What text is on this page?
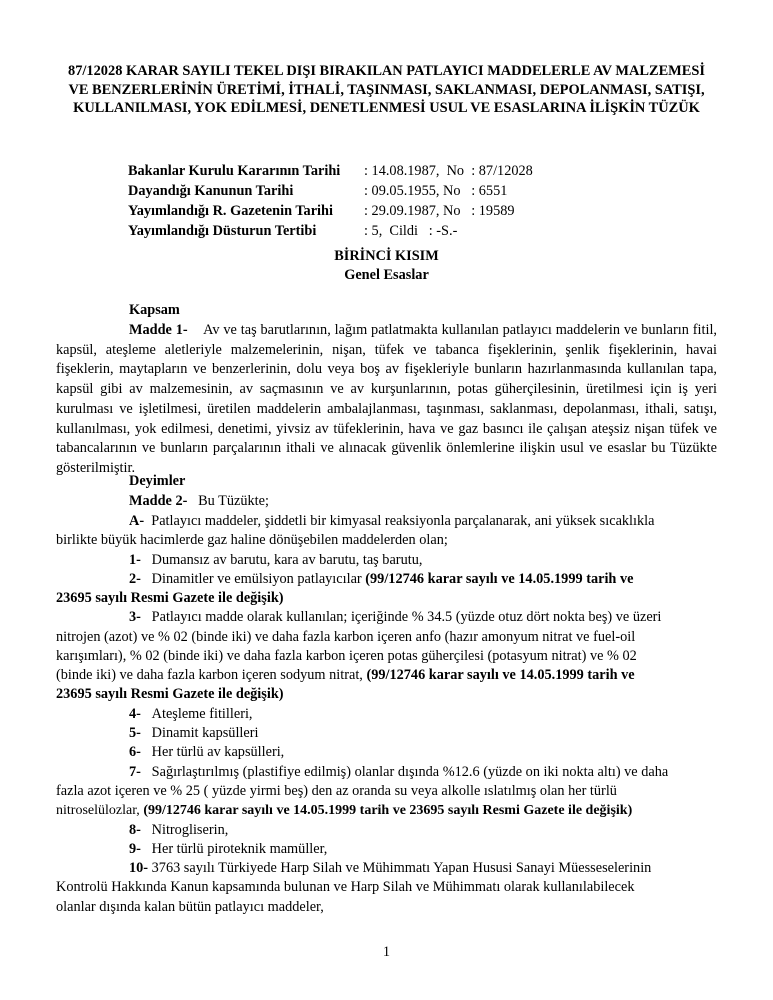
87/12028 KARAR SAYILI TEKEL DIŞI BIRAKILAN PATLAYICI MADDELERLE AV MALZEMESİ VE BENZERLERİNİN ÜRETİMİ, İTHALİ, TAŞINMASI, SAKLANMASI, DEPOLANMASI, SATIŞI, KULLANILMASI, YOK EDİLMESİ, DENETLENMESİ USUL VE ESASLARINA İLİŞKİN TÜZÜK
Bakanlar Kurulu Kararının Tarihi	: 14.08.1987,  No  : 87/12028
Dayandığı Kanunun Tarihi	: 09.05.1955, No   : 6551
Yayımlandığı R. Gazetenin Tarihi	: 29.09.1987, No   : 19589
Yayımlandığı Düsturun Tertibi	: 5,  Cildi   : -S.-
BİRİNCİ KISIM
Genel Esaslar
Kapsam
Madde 1- Av ve taş barutlarının, lağım patlatmakta kullanılan patlayıcı maddelerin ve bunların fitil, kapsül, ateşleme aletleriyle malzemelerinin, nişan, tüfek ve tabanca fişeklerinin, şenlik fişeklerinin, havai fişeklerin, maytapların ve benzerlerinin, dolu veya boş av fişekleriyle bunların hazırlanmasında kullanılan tapa, kapsül gibi av malzemesinin, av saçmasının ve av kurşunlarının, potas güherçilesinin, üretilmesi için iş yeri kurulması ve işletilmesi, üretilen maddelerin ambalajlanması, taşınması, saklanması, depolanması, ithali, satışı, kullanılması, yok edilmesi, denetimi, yivsiz av tüfeklerinin, hava ve gaz basıncı ile çalışan ateşsiz nişan tüfek ve tabancalarının ve bunların parçalarının ithali ve alınacak güvenlik önlemlerine ilişkin usul ve esaslar bu Tüzükte gösterilmiştir.
Deyimler
Madde 2- Bu Tüzükte;
A- Patlayıcı maddeler, şiddetli bir kimyasal reaksiyonla parçalanarak, ani yüksek sıcaklıkla
birlikte büyük hacimlerde gaz haline dönüşebilen maddelerden olan;
1- Dumansız av barutu, kara av barutu, taş barutu,
2- Dinamitler ve emülsiyon patlayıcılar (99/12746 karar sayılı ve 14.05.1999 tarih ve
23695 sayılı Resmi Gazete ile değişik)
3- Patlayıcı madde olarak kullanılan; içeriğinde % 34.5 (yüzde otuz dört nokta beş) ve üzeri
nitrojen (azot) ve % 02 (binde iki) ve daha fazla karbon içeren anfo (hazır amonyum nitrat ve fuel-oil
karışımları), % 02 (binde iki) ve daha fazla karbon içeren potas güherçilesi (potasyum nitrat) ve % 02
(binde iki) ve daha fazla karbon içeren sodyum nitrat, (99/12746 karar sayılı ve 14.05.1999 tarih ve
23695 sayılı Resmi Gazete ile değişik)
4- Ateşleme fitilleri,
5- Dinamit kapsülleri
6- Her türlü av kapsülleri,
7- Sağırlaştırılmış (plastifiye edilmiş) olanlar dışında %12.6 (yüzde on iki nokta altı) ve daha
fazla azot içeren ve % 25 ( yüzde yirmi beş) den az oranda su veya alkolle ıslatılmış olan her türlü
nitroselülozlar, (99/12746 karar sayılı ve 14.05.1999 tarih ve 23695 sayılı Resmi Gazete ile değişik)
8- Nitrogliserin,
9- Her türlü piroteknik mamüller,
10- 3763 sayılı Türkiyede Harp Silah ve Mühimmatı Yapan Hususi Sanayi Müesseselerinin
Kontrolü Hakkında Kanun kapsamında bulunan ve Harp Silah ve Mühimmatı olarak kullanılabilecek
olanlar dışında kalan bütün patlayıcı maddeler,
1
